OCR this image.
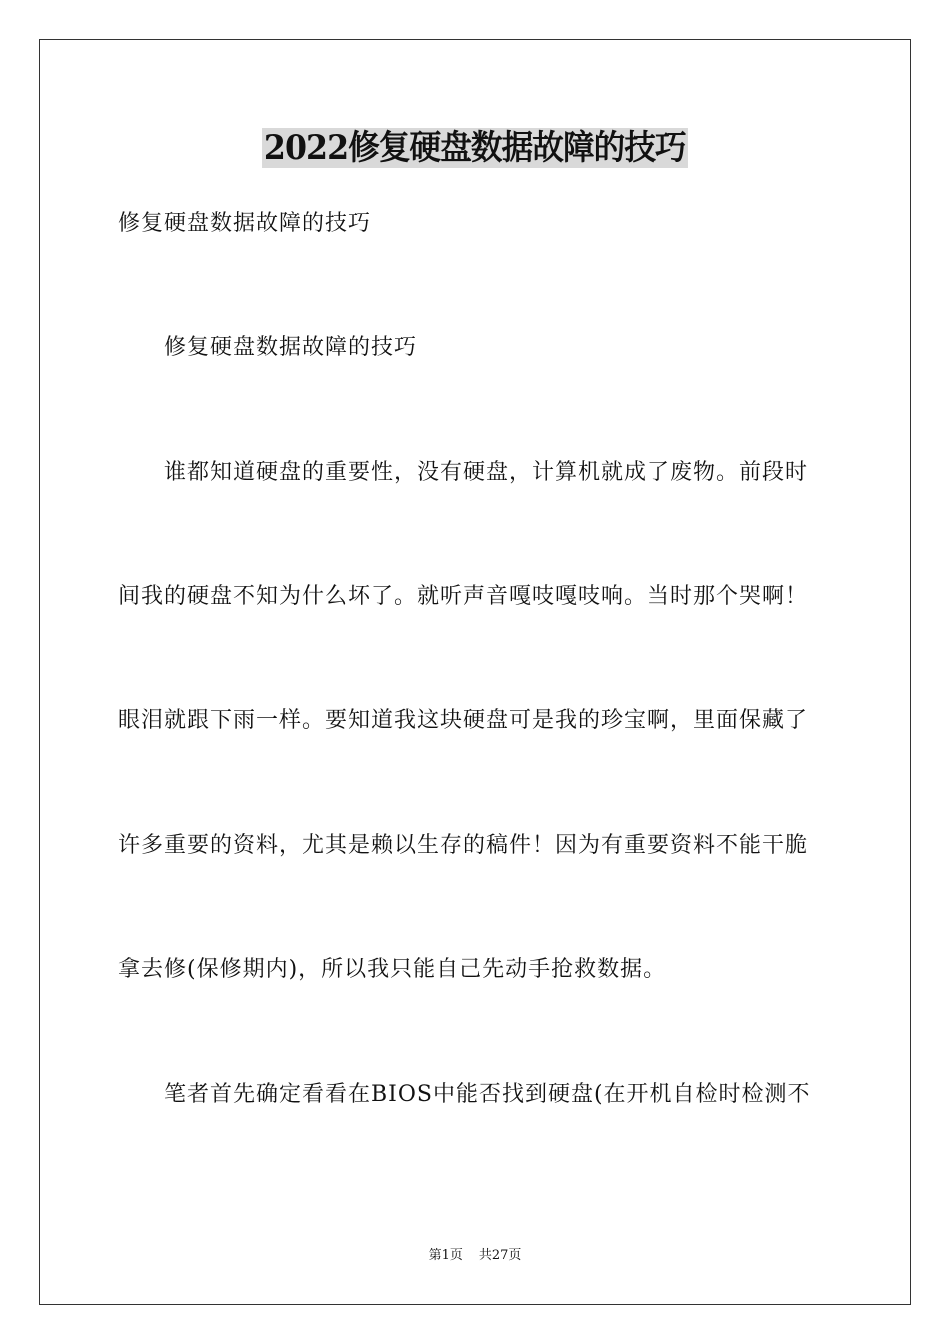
2022修复硬盘数据故障的技巧
修复硬盘数据故障的技巧
修复硬盘数据故障的技巧
谁都知道硬盘的重要性，没有硬盘，计算机就成了废物。前段时
间我的硬盘不知为什么坏了。就听声音嘎吱嘎吱响。当时那个哭啊！
眼泪就跟下雨一样。要知道我这块硬盘可是我的珍宝啊，里面保藏了
许多重要的资料，尤其是赖以生存的稿件！因为有重要资料不能干脆
拿去修(保修期内)，所以我只能自己先动手抢救数据。
笔者首先确定看看在BIOS中能否找到硬盘(在开机自检时检测不
第1页 共27页
